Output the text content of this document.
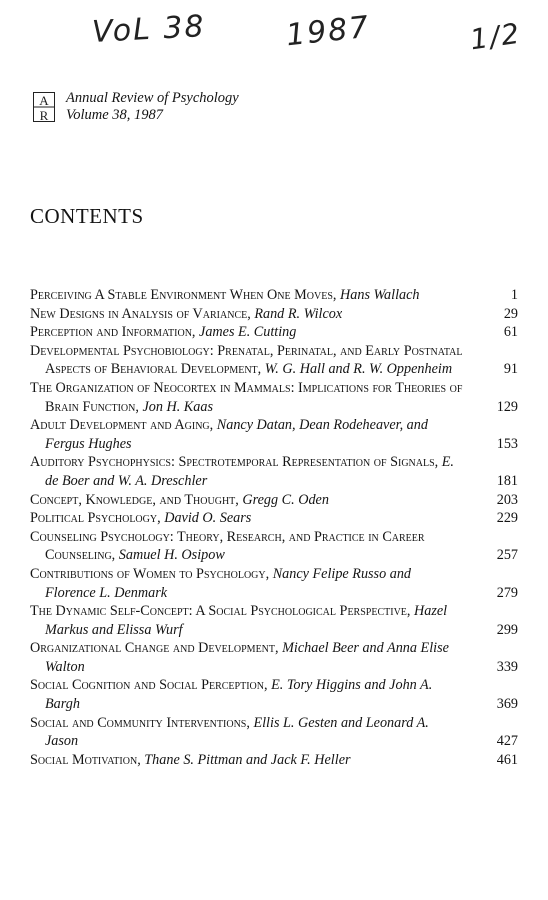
VoL 38	1987	1/2
A
R
Annual Review of Psychology
Volume 38, 1987
CONTENTS
Perceiving A Stable Environment When One Moves, Hans Wallach	1
New Designs in Analysis of Variance, Rand R. Wilcox	29
Perception and Information, James E. Cutting	61
Developmental Psychobiology: Prenatal, Perinatal, and Early Postnatal Aspects of Behavioral Development, W. G. Hall and R. W. Oppenheim	91
The Organization of Neocortex in Mammals: Implications for Theories of Brain Function, Jon H. Kaas	129
Adult Development and Aging, Nancy Datan, Dean Rodeheaver, and Fergus Hughes	153
Auditory Psychophysics: Spectrotemporal Representation of Signals, E. de Boer and W. A. Dreschler	181
Concept, Knowledge, and Thought, Gregg C. Oden	203
Political Psychology, David O. Sears	229
Counseling Psychology: Theory, Research, and Practice in Career Counseling, Samuel H. Osipow	257
Contributions of Women to Psychology, Nancy Felipe Russo and Florence L. Denmark	279
The Dynamic Self-Concept: A Social Psychological Perspective, Hazel Markus and Elissa Wurf	299
Organizational Change and Development, Michael Beer and Anna Elise Walton	339
Social Cognition and Social Perception, E. Tory Higgins and John A. Bargh	369
Social and Community Interventions, Ellis L. Gesten and Leonard A. Jason	427
Social Motivation, Thane S. Pittman and Jack F. Heller	461
